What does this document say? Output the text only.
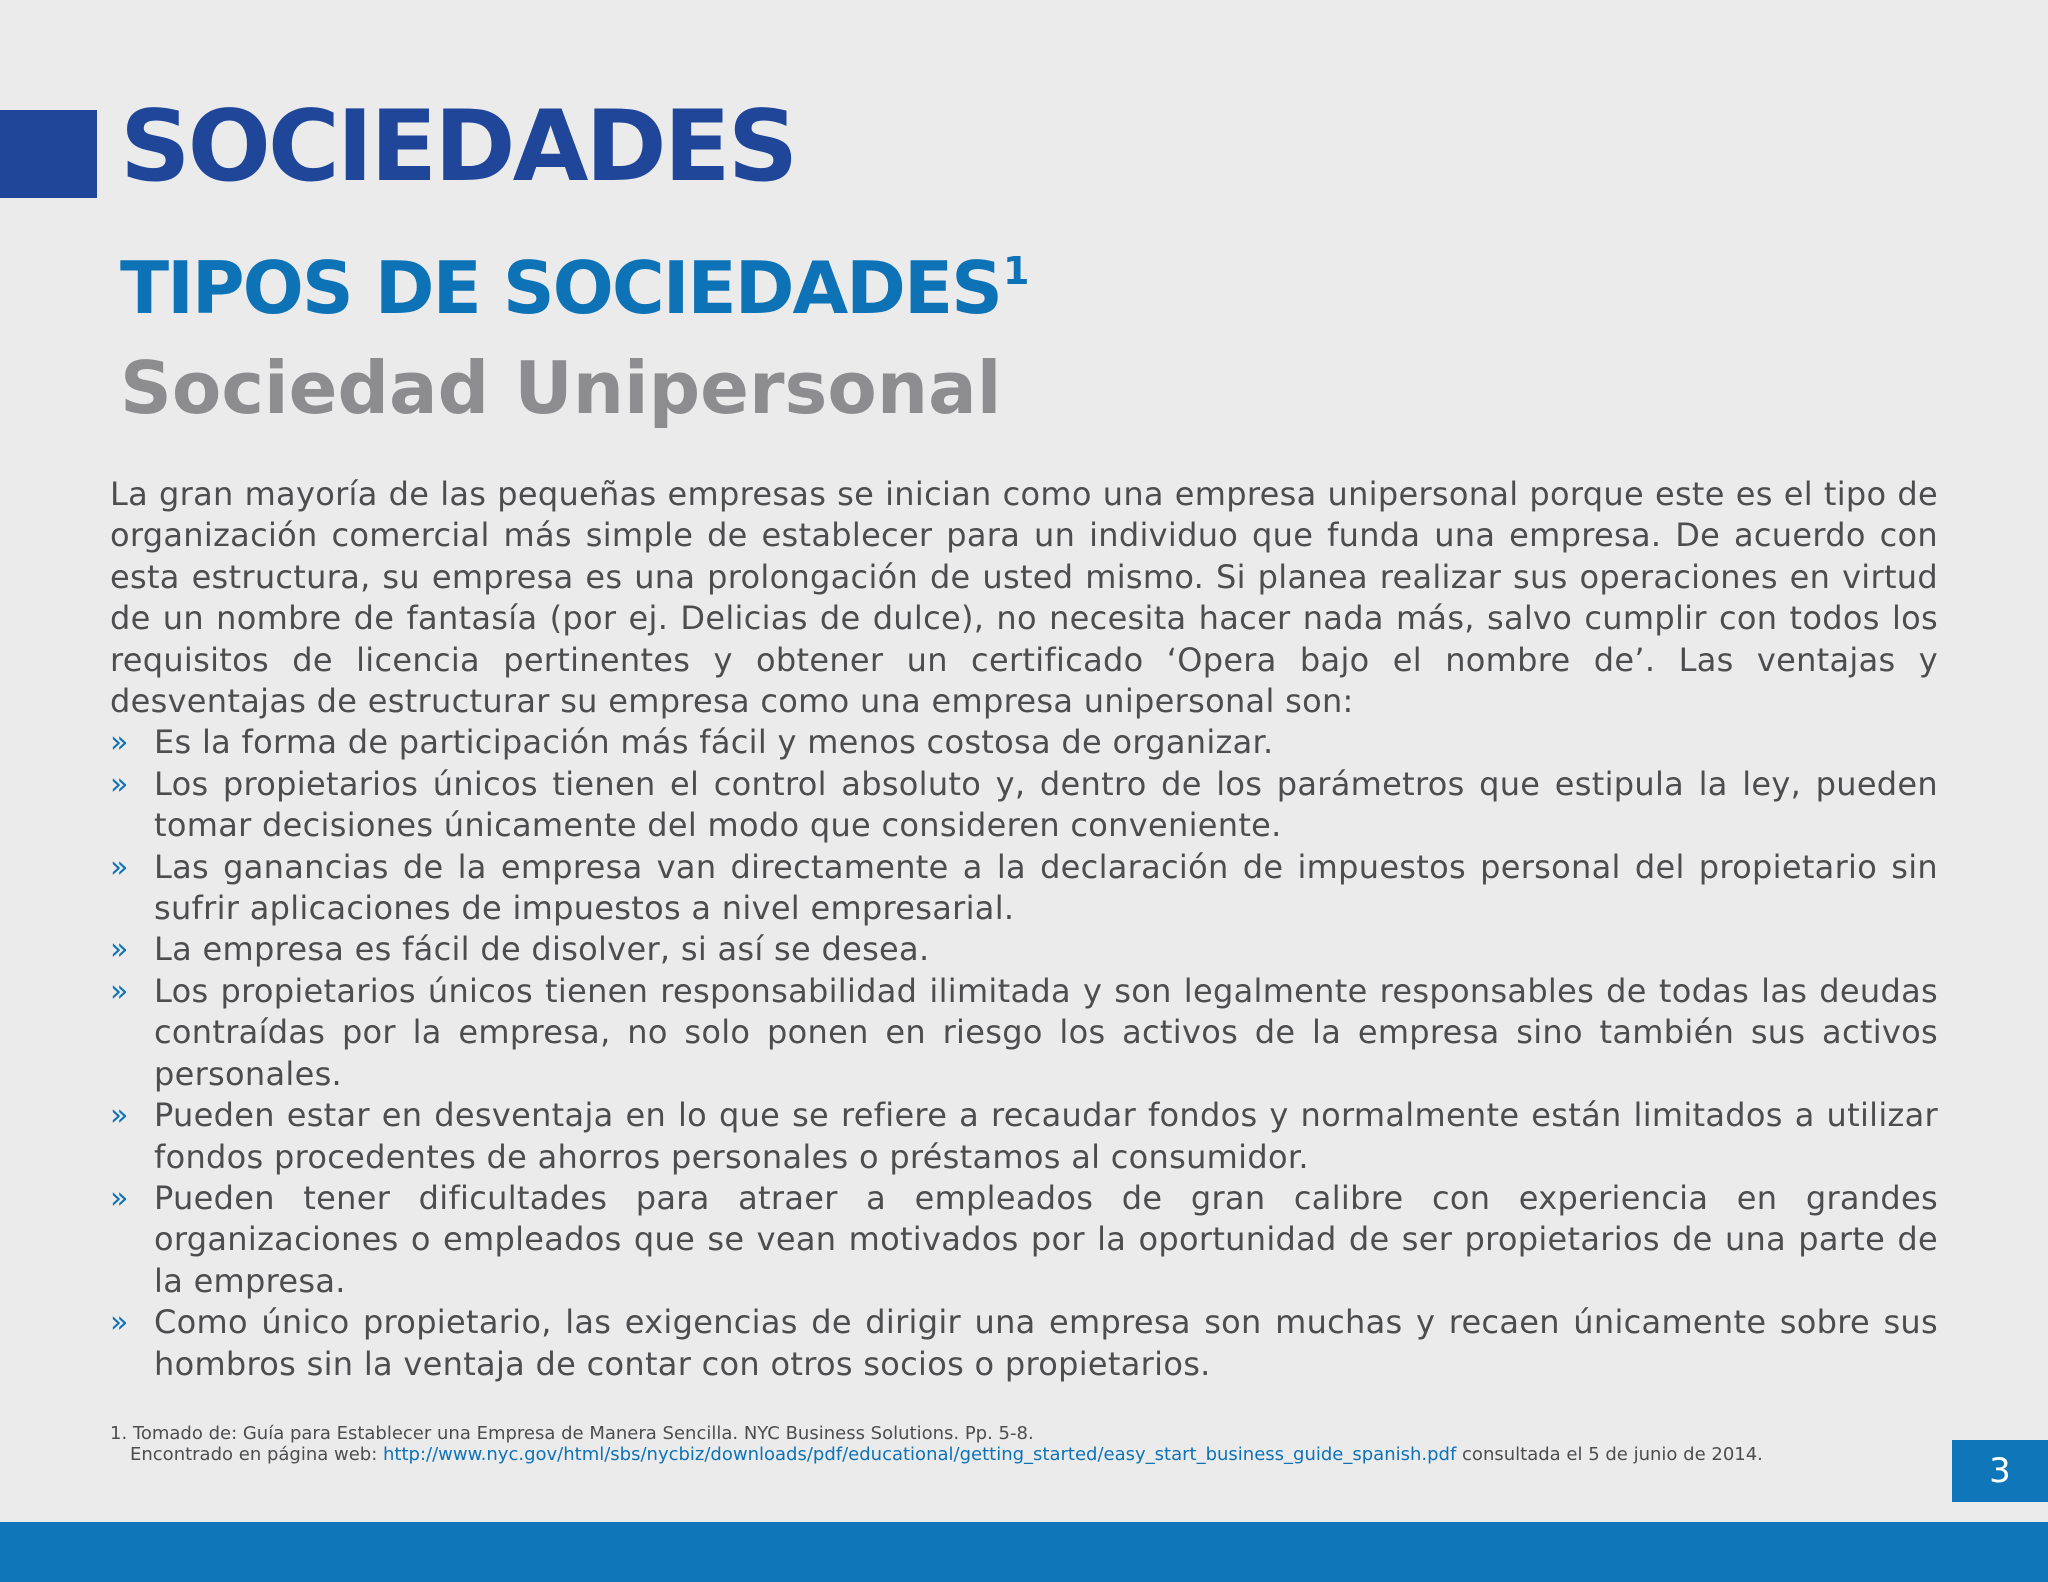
SOCIEDADES
TIPOS DE SOCIEDADES$^1$
Sociedad Unipersonal

La gran mayoría de las pequeñas empresas se inician como una empresa unipersonal porque este es el tipo de organización comercial más simple de establecer para un individuo que funda una empresa. De acuerdo con esta estructura, su empresa es una prolongación de usted mismo. Si planea realizar sus operaciones en virtud de un nombre de fantasía (por ej. Delicias de dulce), no necesita hacer nada más, salvo cumplir con todos los requisitos de licencia pertinentes y obtener un certificado ‘Opera bajo el nombre de’. Las ventajas y desventajas de estructurar su empresa como una empresa unipersonal son:

» Es la forma de participación más fácil y menos costosa de organizar.
» Los propietarios únicos tienen el control absoluto y, dentro de los parámetros que estipula la ley, pueden tomar decisiones únicamente del modo que consideren conveniente.
» Las ganancias de la empresa van directamente a la declaración de impuestos personal del propietario sin sufrir aplicaciones de impuestos a nivel empresarial.
» La empresa es fácil de disolver, si así se desea.
» Los propietarios únicos tienen responsabilidad ilimitada y son legalmente responsables de todas las deudas contraídas por la empresa, no solo ponen en riesgo los activos de la empresa sino también sus activos personales.
» Pueden estar en desventaja en lo que se refiere a recaudar fondos y normalmente están limitados a utilizar fondos procedentes de ahorros personales o préstamos al consumidor.
» Pueden tener dificultades para atraer a empleados de gran calibre con experiencia en grandes organizaciones o empleados que se vean motivados por la oportunidad de ser propietarios de una parte de la empresa.
» Como único propietario, las exigencias de dirigir una empresa son muchas y recaen únicamente sobre sus hombros sin la ventaja de contar con otros socios o propietarios.
1. Tomado de: Guía para Establecer una Empresa de Manera Sencilla. NYC Business Solutions. Pp. 5-8.
Encontrado en página web: http://www.nyc.gov/html/sbs/nycbiz/downloads/pdf/educational/getting_started/easy_start_business_guide_spanish.pdf consultada el 5 de junio de 2014.	3
